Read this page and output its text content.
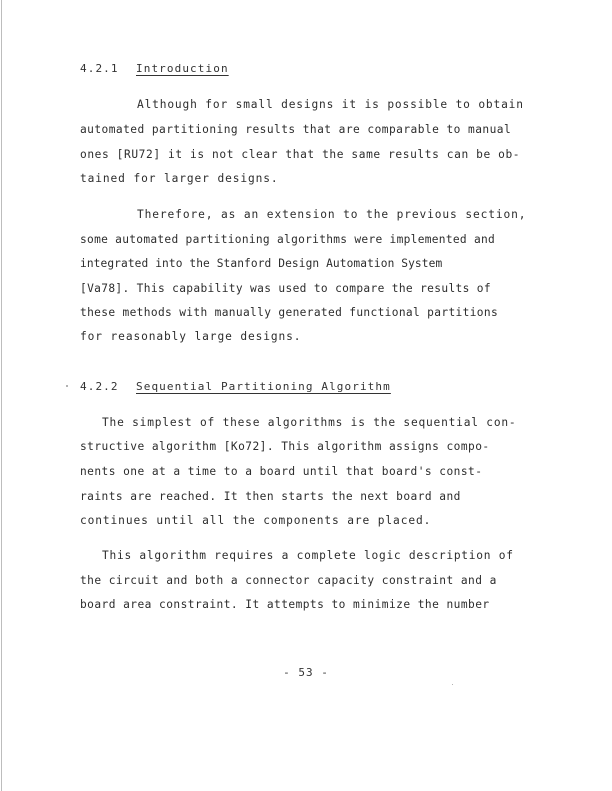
4.2.1 Introduction
Although for small designs it is possible to obtain
automated partitioning results that are comparable to manual
ones [RU72] it is not clear that the same results can be ob-
tained for larger designs.
Therefore, as an extension to the previous section,
some automated partitioning algorithms were implemented and
integrated into the Stanford Design Automation System
[Va78]. This capability was used to compare the results of
these methods with manually generated functional partitions
for reasonably large designs.
4.2.2 Sequential Partitioning Algorithm
The simplest of these algorithms is the sequential con-
structive algorithm [Ko72]. This algorithm assigns compo-
nents one at a time to a board until that board's const-
raints are reached. It then starts the next board and
continues until all the components are placed.
This algorithm requires a complete logic description of
the circuit and both a connector capacity constraint and a
board area constraint. It attempts to minimize the number
- 53 -
